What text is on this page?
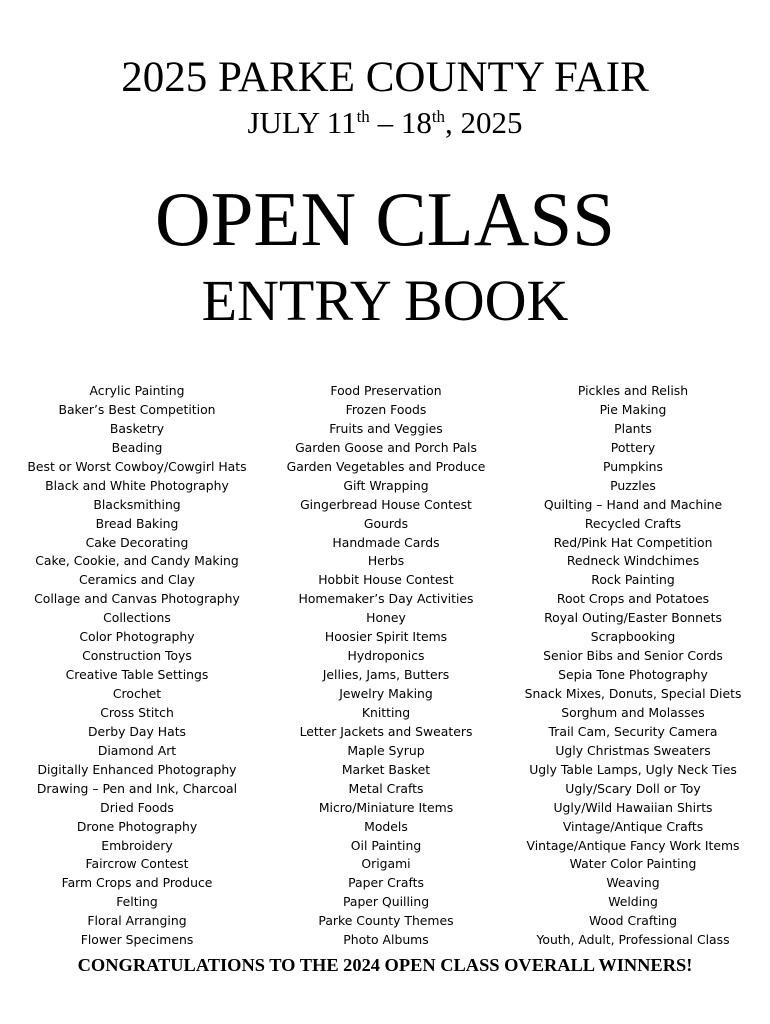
2025 PARKE COUNTY FAIR
JULY 11th – 18th, 2025
OPEN CLASS
ENTRY BOOK
Acrylic Painting
Baker’s Best Competition
Basketry
Beading
Best or Worst Cowboy/Cowgirl Hats
Black and White Photography
Blacksmithing
Bread Baking
Cake Decorating
Cake, Cookie, and Candy Making
Ceramics and Clay
Collage and Canvas Photography
Collections
Color Photography
Construction Toys
Creative Table Settings
Crochet
Cross Stitch
Derby Day Hats
Diamond Art
Digitally Enhanced Photography
Drawing – Pen and Ink, Charcoal
Dried Foods
Drone Photography
Embroidery
Faircrow Contest
Farm Crops and Produce
Felting
Floral Arranging
Flower Specimens
Food Preservation
Frozen Foods
Fruits and Veggies
Garden Goose and Porch Pals
Garden Vegetables and Produce
Gift Wrapping
Gingerbread House Contest
Gourds
Handmade Cards
Herbs
Hobbit House Contest
Homemaker’s Day Activities
Honey
Hoosier Spirit Items
Hydroponics
Jellies, Jams, Butters
Jewelry Making
Knitting
Letter Jackets and Sweaters
Maple Syrup
Market Basket
Metal Crafts
Micro/Miniature Items
Models
Oil Painting
Origami
Paper Crafts
Paper Quilling
Parke County Themes
Photo Albums
Pickles and Relish
Pie Making
Plants
Pottery
Pumpkins
Puzzles
Quilting – Hand and Machine
Recycled Crafts
Red/Pink Hat Competition
Redneck Windchimes
Rock Painting
Root Crops and Potatoes
Royal Outing/Easter Bonnets
Scrapbooking
Senior Bibs and Senior Cords
Sepia Tone Photography
Snack Mixes, Donuts, Special Diets
Sorghum and Molasses
Trail Cam, Security Camera
Ugly Christmas Sweaters
Ugly Table Lamps, Ugly Neck Ties
Ugly/Scary Doll or Toy
Ugly/Wild Hawaiian Shirts
Vintage/Antique Crafts
Vintage/Antique Fancy Work Items
Water Color Painting
Weaving
Welding
Wood Crafting
Youth, Adult, Professional Class
CONGRATULATIONS TO THE 2024 OPEN CLASS OVERALL WINNERS!
